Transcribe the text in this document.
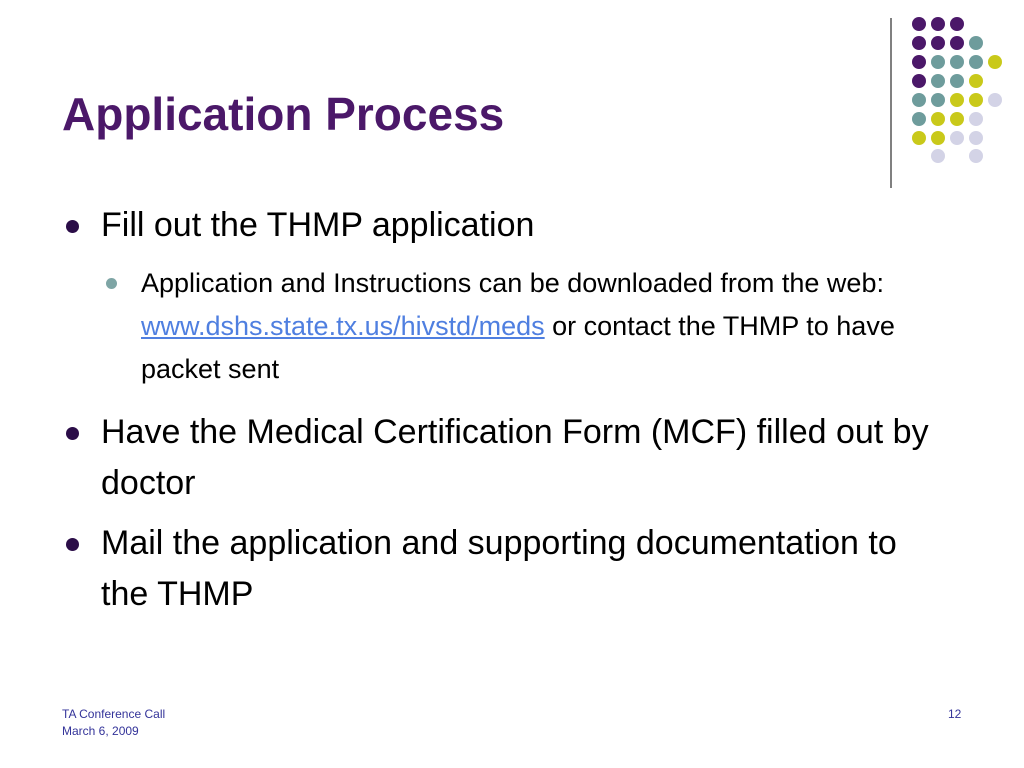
Application Process
Fill out the THMP application
Application and Instructions can be downloaded from the web: www.dshs.state.tx.us/hivstd/meds or contact the THMP to have packet sent
Have the Medical Certification Form (MCF) filled out by doctor
Mail the application and supporting documentation to the THMP
TA Conference Call
March 6, 2009
12
